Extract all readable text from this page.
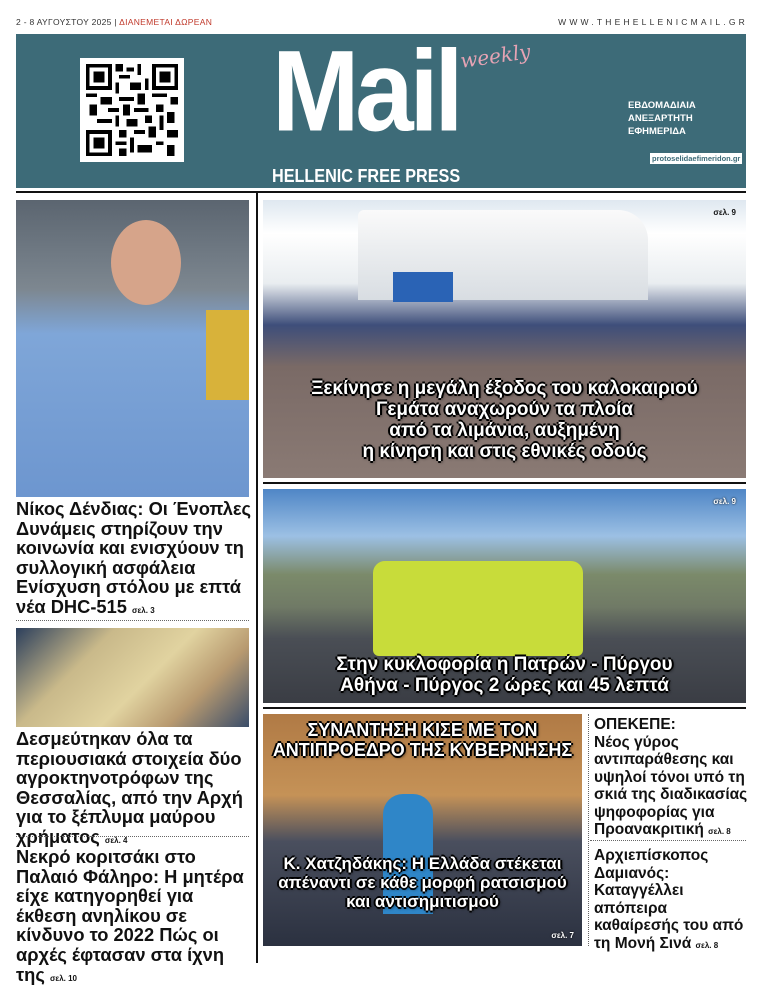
2 - 8 ΑΥΓΟΥΣΤΟΥ 2025 | ΔΙΑΝΕΜΕΤΑΙ ΔΩΡΕΑΝ	WWW.THEHELLENICMAIL.GR
Mail weekly
HELLENIC FREE PRESS
ΕΒΔΟΜΑΔΙΑΙΑ
ΑΝΕΞΑΡΤΗΤΗ
ΕΦΗΜΕΡΙΔΑ
protoselidaefimeridon.gr
Νίκος Δένδιας: Οι Ένοπλες Δυνάμεις στηρίζουν την κοινωνία και ενισχύουν τη συλλογική ασφάλεια Ενίσχυση στόλου με επτά νέα DHC-515 σελ. 3
Δεσμεύτηκαν όλα τα περιουσιακά στοιχεία δύο αγροκτηνοτρόφων της Θεσσαλίας, από την Αρχή για το ξέπλυμα μαύρου χρήματος σελ. 4
Νεκρό κοριτσάκι στο Παλαιό Φάληρο: Η μητέρα είχε κατηγορηθεί για έκθεση ανηλίκου σε κίνδυνο το 2022 Πώς οι αρχές έφτασαν στα ίχνη της σελ. 10
σελ. 9
Ξεκίνησε η μεγάλη έξοδος του καλοκαιριού
Γεμάτα αναχωρούν τα πλοία
από τα λιμάνια, αυξημένη
η κίνηση και στις εθνικές οδούς
σελ. 9
Στην κυκλοφορία η Πατρών - Πύργου
Αθήνα - Πύργος 2 ώρες και 45 λεπτά
ΣΥΝΑΝΤΗΣΗ ΚΙΣΕ ΜΕ ΤΟΝ
ΑΝΤΙΠΡΟΕΔΡΟ ΤΗΣ ΚΥΒΕΡΝΗΣΗΣ
Κ. Χατζηδάκης: Η Ελλάδα στέκεται
απέναντι σε κάθε μορφή ρατσισμού
και αντισημιτισμού
σελ. 7
ΟΠΕΚΕΠΕ:
Νέος γύρος αντιπαράθεσης και υψηλοί τόνοι υπό τη σκιά της διαδικασίας ψηφοφορίας για Προανακριτική σελ. 8
Αρχιεπίσκοπος Δαμιανός: Καταγγέλλει απόπειρα καθαίρεσής του από τη Μονή Σινά σελ. 8
